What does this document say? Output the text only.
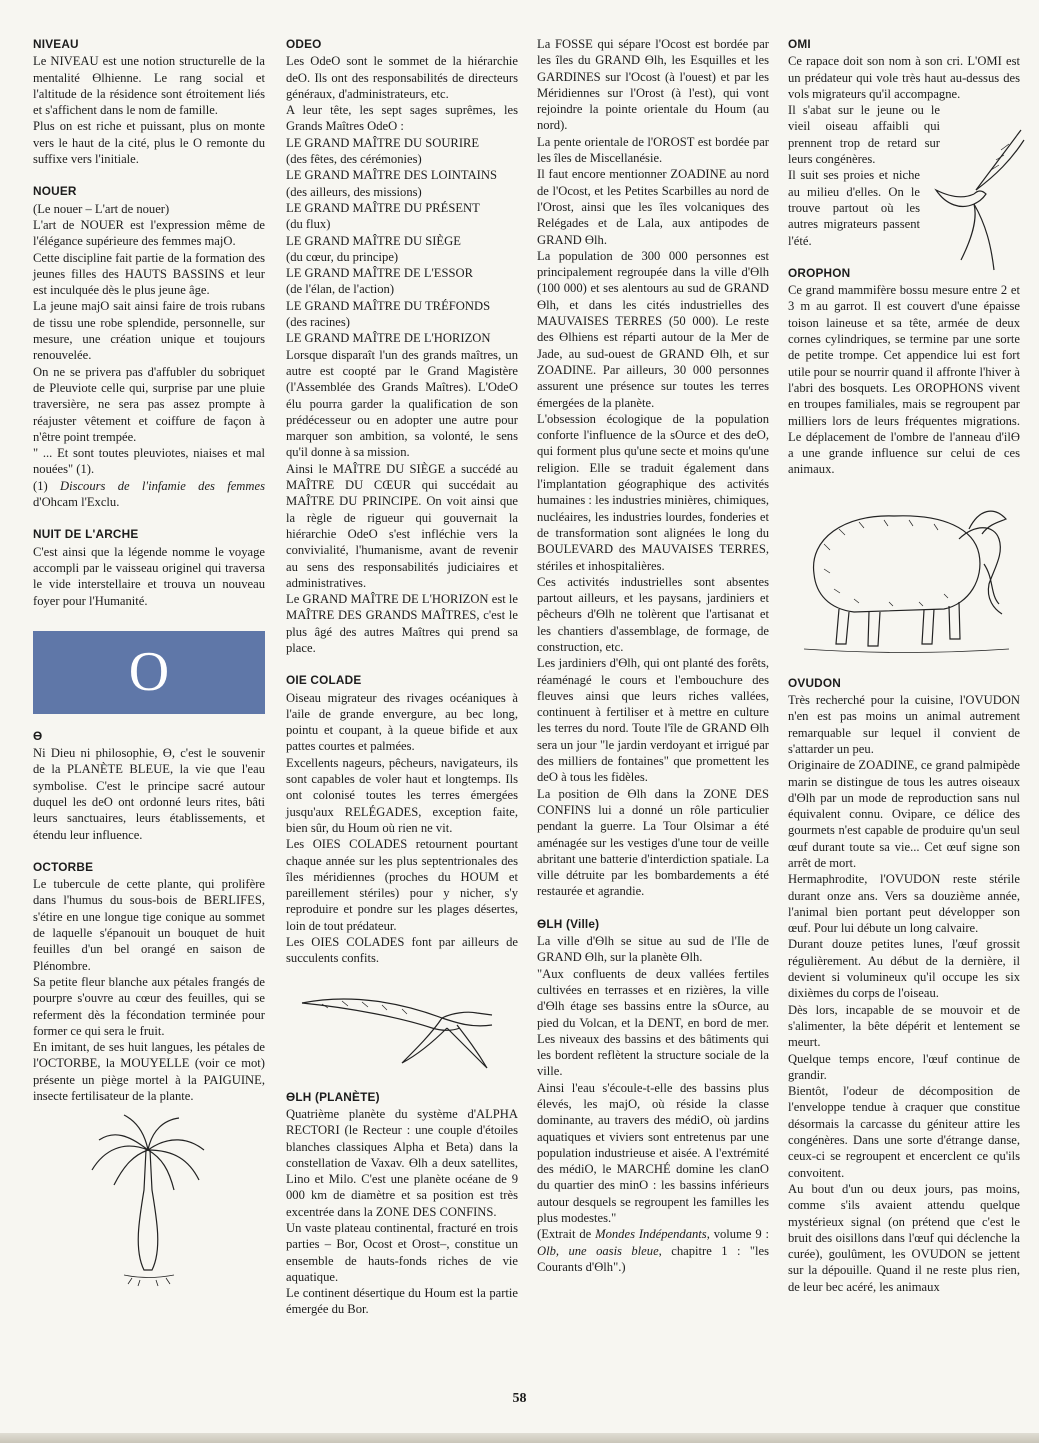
NIVEAU

Le NIVEAU est une notion structurelle de la mentalité ϴlhienne. Le rang social et l'altitude de la résidence sont étroitement liés et s'affichent dans le nom de famille.

Plus on est riche et puissant, plus on monte vers le haut de la cité, plus le O remonte du suffixe vers l'initiale.

NOUER

(Le nouer – L'art de nouer)

L'art de NOUER est l'expression même de l'élégance supérieure des femmes majO.

Cette discipline fait partie de la formation des jeunes filles des HAUTS BASSINS et leur est inculquée dès le plus jeune âge.

La jeune majO sait ainsi faire de trois rubans de tissu une robe splendide, personnelle, sur mesure, une création unique et toujours renouvelée.

On ne se privera pas d'affubler du sobriquet de Pleuviote celle qui, surprise par une pluie traversière, ne sera pas assez prompte à réajuster vêtement et coiffure de façon à n'être point trempée.

" ... Et sont toutes pleuviotes, niaises et mal nouées" (1).

(1) Discours de l'infamie des femmes d'Ohcam l'Exclu.

NUIT DE L'ARCHE

C'est ainsi que la légende nomme le voyage accompli par le vaisseau originel qui traversa le vide interstellaire et trouva un nouveau foyer pour l'Humanité.

O
ϴ

Ni Dieu ni philosophie, ϴ, c'est le souvenir de la PLANÈTE BLEUE, la vie que l'eau symbolise. C'est le principe sacré autour duquel les deO ont ordonné leurs rites, bâti leurs sanctuaires, leurs établissements, et étendu leur influence.

OCTORBE

Le tubercule de cette plante, qui prolifère dans l'humus du sous-bois de BERLIFES, s'étire en une longue tige conique au sommet de laquelle s'épanouit un bouquet de huit feuilles d'un bel orangé en saison de Plénombre.

Sa petite fleur blanche aux pétales frangés de pourpre s'ouvre au cœur des feuilles, qui se referment dès la fécondation terminée pour former ce qui sera le fruit.

En imitant, de ses huit langues, les pétales de l'OCTORBE, la MOUYELLE (voir ce mot) présente un piège mortel à la PAIGUINE, insecte fertilisateur de la plante.

ODEO

Les OdeO sont le sommet de la hiérarchie deO. Ils ont des responsabilités de directeurs généraux, d'administrateurs, etc.

A leur tête, les sept sages suprêmes, les Grands Maîtres OdeO :

LE GRAND MAÎTRE DU SOURIRE

(des fêtes, des cérémonies)

LE GRAND MAÎTRE DES LOINTAINS

(des ailleurs, des missions)

LE GRAND MAÎTRE DU PRÉSENT

(du flux)

LE GRAND MAÎTRE DU SIÈGE

(du cœur, du principe)

LE GRAND MAÎTRE DE L'ESSOR

(de l'élan, de l'action)

LE GRAND MAÎTRE DU TRÉFONDS

(des racines)

LE GRAND MAÎTRE DE L'HORIZON

Lorsque disparaît l'un des grands maîtres, un autre est coopté par le Grand Magistère (l'Assemblée des Grands Maîtres). L'OdeO élu pourra garder la qualification de son prédécesseur ou en adopter une autre pour marquer son ambition, sa volonté, le sens qu'il donne à sa mission.

Ainsi le MAÎTRE DU SIÈGE a succédé au MAÎTRE DU CŒUR qui succédait au MAÎTRE DU PRINCIPE. On voit ainsi que la règle de rigueur qui gouvernait la hiérarchie OdeO s'est infléchie vers la convivialité, l'humanisme, avant de revenir au sens des responsabilités judiciaires et administratives.

Le GRAND MAÎTRE DE L'HORIZON est le MAÎTRE DES GRANDS MAÎTRES, c'est le plus âgé des autres Maîtres qui prend sa place.

OIE COLADE

Oiseau migrateur des rivages océaniques à l'aile de grande envergure, au bec long, pointu et coupant, à la queue bifide et aux pattes courtes et palmées.

Excellents nageurs, pêcheurs, navigateurs, ils sont capables de voler haut et longtemps. Ils ont colonisé toutes les terres émergées jusqu'aux RELÉGADES, exception faite, bien sûr, du Houm où rien ne vit.

Les OIES COLADES retournent pourtant chaque année sur les plus septentrionales des îles méridiennes (proches du HOUM et pareillement stériles) pour y nicher, s'y reproduire et pondre sur les plages désertes, loin de tout prédateur.

Les OIES COLADES font par ailleurs de succulents confits.

ϴLH (PLANÈTE)

Quatrième planète du système d'ALPHA RECTORI (le Recteur : une couple d'étoiles blanches classiques Alpha et Beta) dans la constellation de Vaxav. ϴlh a deux satellites, Lino et Milo. C'est une planète océane de 9 000 km de diamètre et sa position est très excentrée dans la ZONE DES CONFINS.

Un vaste plateau continental, fracturé en trois parties – Bor, Ocost et Orost–, constitue un ensemble de hauts-fonds riches de vie aquatique.

Le continent désertique du Houm est la partie émergée du Bor.

La FOSSE qui sépare l'Ocost est bordée par les îles du GRAND ϴlh, les Esquilles et les GARDINES sur l'Ocost (à l'ouest) et par les Méridiennes sur l'Orost (à l'est), qui vont rejoindre la pointe orientale du Houm (au nord).

La pente orientale de l'OROST est bordée par les îles de Miscellanésie.

Il faut encore mentionner ZOADINE au nord de l'Ocost, et les Petites Scarbilles au nord de l'Orost, ainsi que les îles volcaniques des Relégades et de Lala, aux antipodes de GRAND ϴlh.

La population de 300 000 personnes est principalement regroupée dans la ville d'ϴlh (100 000) et ses alentours au sud de GRAND ϴlh, et dans les cités industrielles des MAUVAISES TERRES (50 000). Le reste des ϴlhiens est réparti autour de la Mer de Jade, au sud-ouest de GRAND ϴlh, et sur ZOADINE. Par ailleurs, 30 000 personnes assurent une présence sur toutes les terres émergées de la planète.

L'obsession écologique de la population conforte l'influence de la sOurce et des deO, qui forment plus qu'une secte et moins qu'une religion. Elle se traduit également dans l'implantation géographique des activités humaines : les industries minières, chimiques, nucléaires, les industries lourdes, fonderies et de transformation sont alignées le long du BOULEVARD des MAUVAISES TERRES, stériles et inhospitalières.

Ces activités industrielles sont absentes partout ailleurs, et les paysans, jardiniers et pêcheurs d'ϴlh ne tolèrent que l'artisanat et les chantiers d'assemblage, de formage, de construction, etc.

Les jardiniers d'ϴlh, qui ont planté des forêts, réaménagé le cours et l'embouchure des fleuves ainsi que leurs riches vallées, continuent à fertiliser et à mettre en culture les terres du nord. Toute l'île de GRAND ϴlh sera un jour "le jardin verdoyant et irrigué par des milliers de fontaines" que promettent les deO à tous les fidèles.

La position de ϴlh dans la ZONE DES CONFINS lui a donné un rôle particulier pendant la guerre. La Tour Olsimar a été aménagée sur les vestiges d'une tour de veille abritant une batterie d'interdiction spatiale. La ville détruite par les bombardements a été restaurée et agrandie.

ϴLH (Ville)

La ville d'ϴlh se situe au sud de l'Ile de GRAND ϴlh, sur la planète ϴlh.

"Aux confluents de deux vallées fertiles cultivées en terrasses et en rizières, la ville d'ϴlh étage ses bassins entre la sOurce, au pied du Volcan, et la DENT, en bord de mer. Les niveaux des bassins et des bâtiments qui les bordent reflètent la structure sociale de la ville.

Ainsi l'eau s'écoule-t-elle des bassins plus élevés, les majO, où réside la classe dominante, au travers des médiO, où jardins aquatiques et viviers sont entretenus par une population industrieuse et aisée. A l'extrémité des médiO, le MARCHÉ domine les clanO du quartier des minO : les bassins inférieurs autour desquels se regroupent les familles les plus modestes."

(Extrait de Mondes Indépendants, volume 9 : Olb, une oasis bleue, chapitre 1 : "les Courants d'ϴlh".)

OMI

Ce rapace doit son nom à son cri. L'OMI est un prédateur qui vole très haut au-dessus des vols migrateurs qu'il accompagne.

Il s'abat sur le jeune ou le vieil oiseau affaibli qui prennent trop de retard sur leurs congénères.

Il suit ses proies et niche au milieu d'elles. On le trouve partout où les autres migrateurs passent l'été.

OROPHON

Ce grand mammifère bossu mesure entre 2 et 3 m au garrot. Il est couvert d'une épaisse toison laineuse et sa tête, armée de deux cornes cylindriques, se termine par une sorte de petite trompe. Cet appendice lui est fort utile pour se nourrir quand il affronte l'hiver à l'abri des bosquets. Les OROPHONS vivent en troupes familiales, mais se regroupent par milliers lors de leurs fréquentes migrations. Le déplacement de l'ombre de l'anneau d'ilϴ a une grande influence sur celui de ces animaux.

OVUDON

Très recherché pour la cuisine, l'OVUDON n'en est pas moins un animal autrement remarquable sur lequel il convient de s'attarder un peu.

Originaire de ZOADINE, ce grand palmipède marin se distingue de tous les autres oiseaux d'ϴlh par un mode de reproduction sans nul équivalent connu. Ovipare, ce délice des gourmets n'est capable de produire qu'un seul œuf durant toute sa vie... Cet œuf signe son arrêt de mort.

Hermaphrodite, l'OVUDON reste stérile durant onze ans. Vers sa douzième année, l'animal bien portant peut développer son œuf. Pour lui débute un long calvaire.

Durant douze petites lunes, l'œuf grossit régulièrement. Au début de la dernière, il devient si volumineux qu'il occupe les six dixièmes du corps de l'oiseau.

Dès lors, incapable de se mouvoir et de s'alimenter, la bête dépérit et lentement se meurt.

Quelque temps encore, l'œuf continue de grandir.

Bientôt, l'odeur de décomposition de l'enveloppe tendue à craquer que constitue désormais la carcasse du géniteur attire les congénères. Dans une sorte d'étrange danse, ceux-ci se regroupent et encerclent ce qu'ils convoitent.

Au bout d'un ou deux jours, pas moins, comme s'ils avaient attendu quelque mystérieux signal (on prétend que c'est le bruit des oisillons dans l'œuf qui déclenche la curée), goulûment, les OVUDON se jettent sur la dépouille. Quand il ne reste plus rien, de leur bec acéré, les animaux

58
